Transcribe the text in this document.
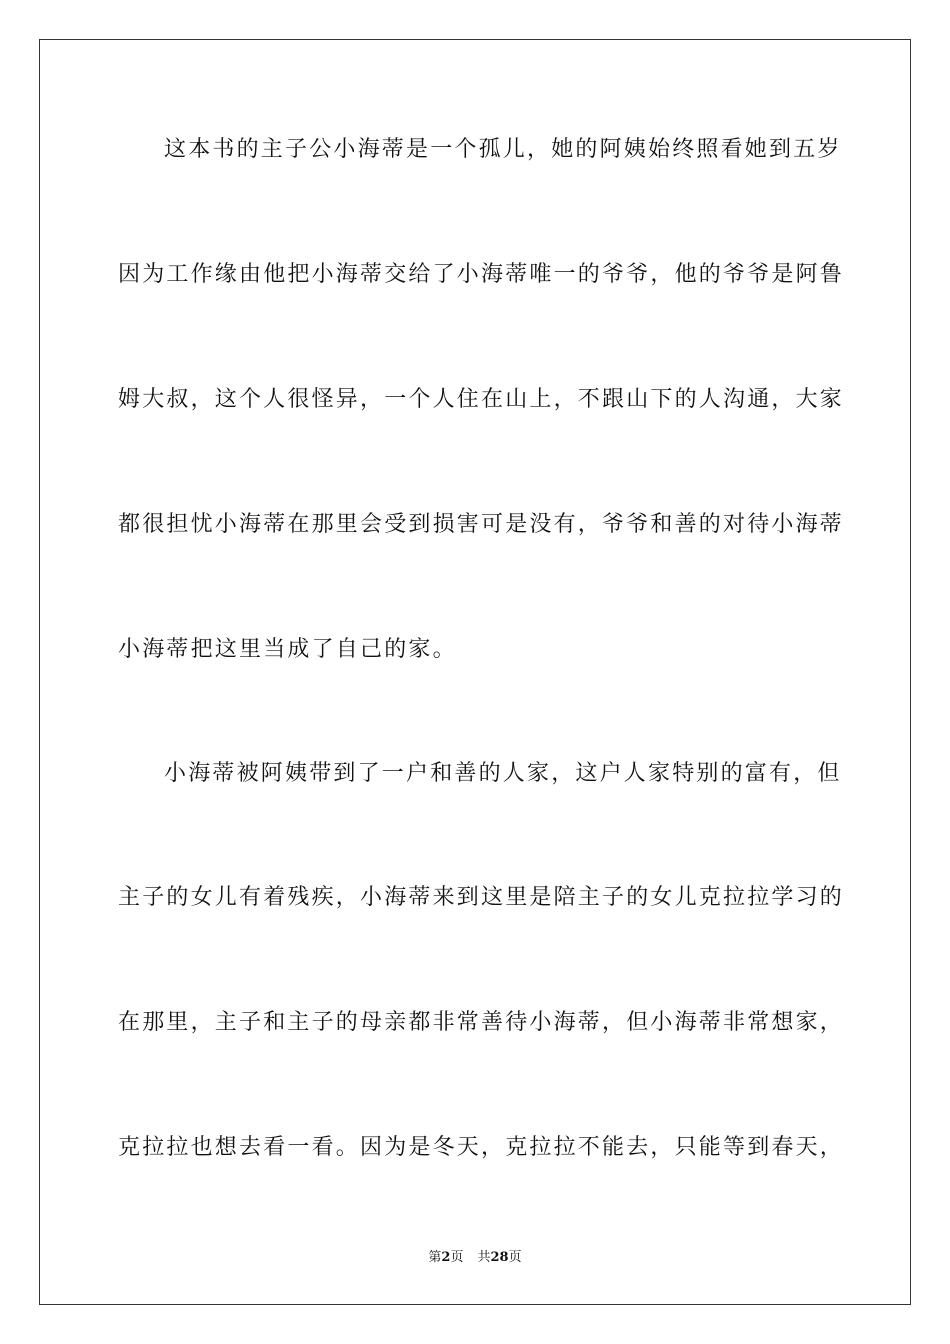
这本书的主子公小海蒂是一个孤儿，她的阿姨始终照看她到五岁
因为工作缘由他把小海蒂交给了小海蒂唯一的爷爷，他的爷爷是阿鲁
姆大叔，这个人很怪异，一个人住在山上，不跟山下的人沟通，大家
都很担忧小海蒂在那里会受到损害可是没有，爷爷和善的对待小海蒂
小海蒂把这里当成了自己的家。
小海蒂被阿姨带到了一户和善的人家，这户人家特别的富有，但
主子的女儿有着残疾，小海蒂来到这里是陪主子的女儿克拉拉学习的
在那里，主子和主子的母亲都非常善待小海蒂，但小海蒂非常想家，
克拉拉也想去看一看。因为是冬天，克拉拉不能去，只能等到春天，
第2页 共28页
